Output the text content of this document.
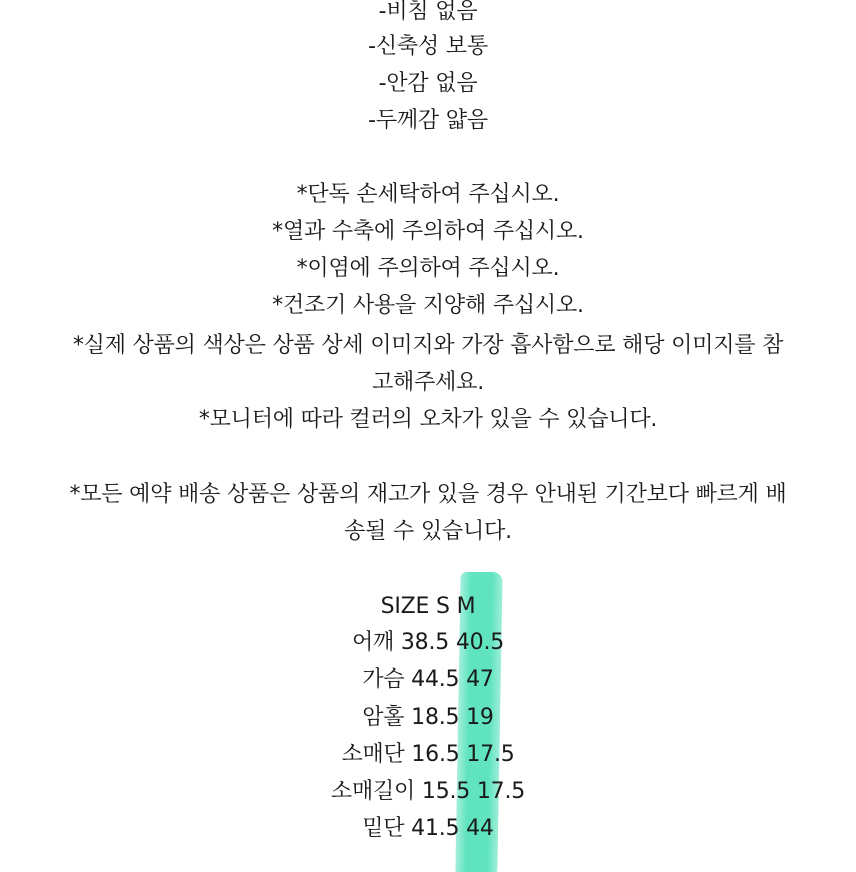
-비침 없음
-신축성 보통
-안감 없음
-두께감 얇음
*단독 손세탁하여 주십시오.
*열과 수축에 주의하여 주십시오.
*이염에 주의하여 주십시오.
*건조기 사용을 지양해 주십시오.
*실제 상품의 색상은 상품 상세 이미지와 가장 흡사함으로 해당 이미지를 참
고해주세요.
*모니터에 따라 컬러의 오차가 있을 수 있습니다.
*모든 예약 배송 상품은 상품의 재고가 있을 경우 안내된 기간보다 빠르게 배
송될 수 있습니다.
SIZE S M
어깨 38.5 40.5
가슴 44.5 47
암홀 18.5 19
소매단 16.5 17.5
소매길이 15.5 17.5
밑단 41.5 44
